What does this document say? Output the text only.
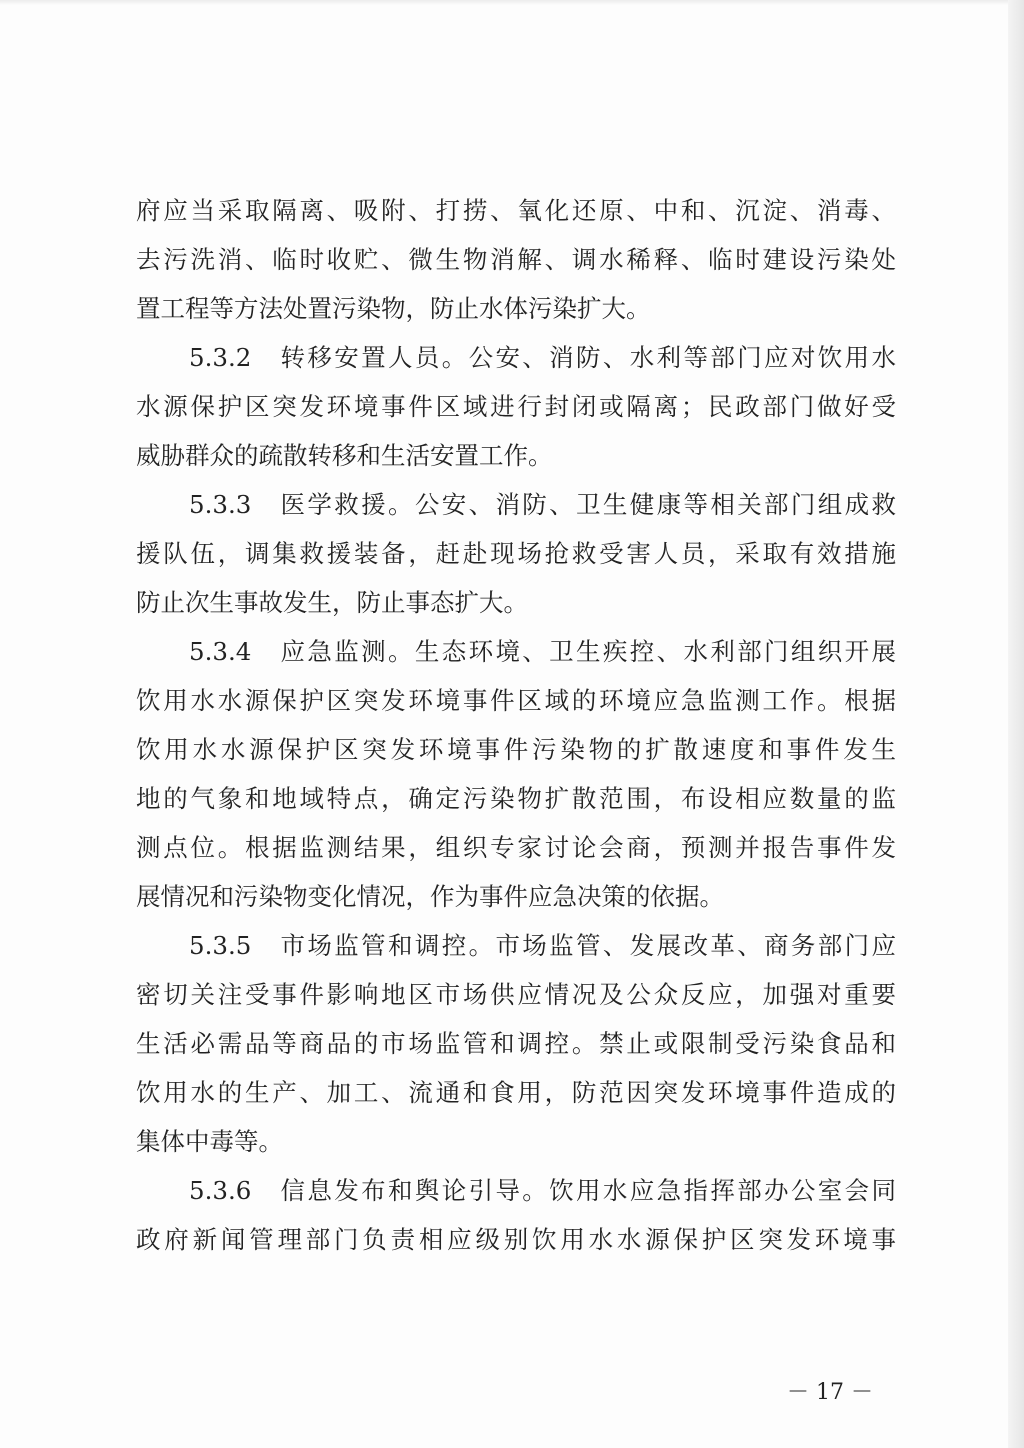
府应当采取隔离、吸附、打捞、氧化还原、中和、沉淀、消毒、
去污洗消、临时收贮、微生物消解、调水稀释、临时建设污染处
置工程等方法处置污染物，防止水体污染扩大。
5.3.2　转移安置人员。公安、消防、水利等部门应对饮用水
水源保护区突发环境事件区域进行封闭或隔离；民政部门做好受
威胁群众的疏散转移和生活安置工作。
5.3.3　医学救援。公安、消防、卫生健康等相关部门组成救
援队伍，调集救援装备，赶赴现场抢救受害人员，采取有效措施
防止次生事故发生，防止事态扩大。
5.3.4　应急监测。生态环境、卫生疾控、水利部门组织开展
饮用水水源保护区突发环境事件区域的环境应急监测工作。根据
饮用水水源保护区突发环境事件污染物的扩散速度和事件发生
地的气象和地域特点，确定污染物扩散范围，布设相应数量的监
测点位。根据监测结果，组织专家讨论会商，预测并报告事件发
展情况和污染物变化情况，作为事件应急决策的依据。
5.3.5　市场监管和调控。市场监管、发展改革、商务部门应
密切关注受事件影响地区市场供应情况及公众反应，加强对重要
生活必需品等商品的市场监管和调控。禁止或限制受污染食品和
饮用水的生产、加工、流通和食用，防范因突发环境事件造成的
集体中毒等。
5.3.6　信息发布和舆论引导。饮用水应急指挥部办公室会同
政府新闻管理部门负责相应级别饮用水水源保护区突发环境事
－ 17 －
